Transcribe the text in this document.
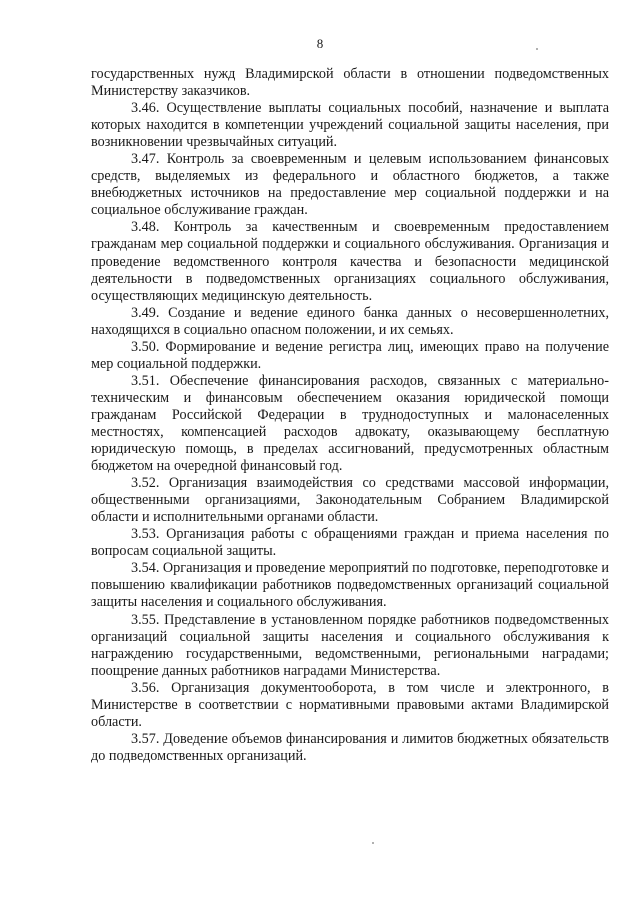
8

государственных нужд Владимирской области в отношении подведомственных Министерству заказчиков.

3.46. Осуществление выплаты социальных пособий, назначение и выплата которых находится в компетенции учреждений социальной защиты населения, при возникновении чрезвычайных ситуаций.

3.47. Контроль за своевременным и целевым использованием финансовых средств, выделяемых из федерального и областного бюджетов, а также внебюджетных источников на предоставление мер социальной поддержки и на социальное обслуживание граждан.

3.48. Контроль за качественным и своевременным предоставлением гражданам мер социальной поддержки и социального обслуживания. Организация и проведение ведомственного контроля качества и безопасности медицинской деятельности в подведомственных организациях социального обслуживания, осуществляющих медицинскую деятельность.

3.49. Создание и ведение единого банка данных о несовершеннолетних, находящихся в социально опасном положении, и их семьях.

3.50. Формирование и ведение регистра лиц, имеющих право на получение мер социальной поддержки.

3.51. Обеспечение финансирования расходов, связанных с материально-техническим и финансовым обеспечением оказания юридической помощи гражданам Российской Федерации в труднодоступных и малонаселенных местностях, компенсацией расходов адвокату, оказывающему бесплатную юридическую помощь, в пределах ассигнований, предусмотренных областным бюджетом на очередной финансовый год.

3.52. Организация взаимодействия со средствами массовой информации, общественными организациями, Законодательным Собранием Владимирской области и исполнительными органами области.

3.53. Организация работы с обращениями граждан и приема населения по вопросам социальной защиты.

3.54. Организация и проведение мероприятий по подготовке, переподготовке и повышению квалификации работников подведомственных организаций социальной защиты населения и социального обслуживания.

3.55. Представление в установленном порядке работников подведомственных организаций социальной защиты населения и социального обслуживания к награждению государственными, ведомственными, региональными наградами; поощрение данных работников наградами Министерства.

3.56. Организация документооборота, в том числе и электронного, в Министерстве в соответствии с нормативными правовыми актами Владимирской области.

3.57. Доведение объемов финансирования и лимитов бюджетных обязательств до подведомственных организаций.
